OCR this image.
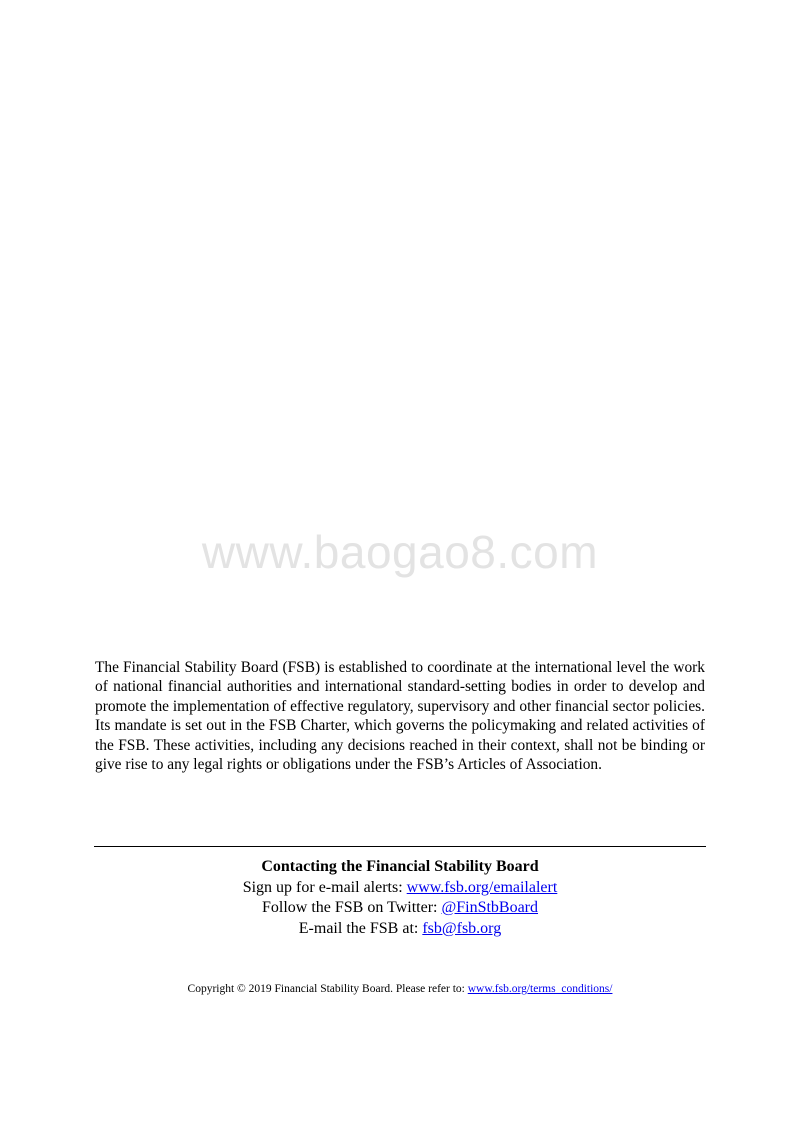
www.baogao8.com

The Financial Stability Board (FSB) is established to coordinate at the international level the work of national financial authorities and international standard-setting bodies in order to develop and promote the implementation of effective regulatory, supervisory and other financial sector policies. Its mandate is set out in the FSB Charter, which governs the policymaking and related activities of the FSB. These activities, including any decisions reached in their context, shall not be binding or give rise to any legal rights or obligations under the FSB’s Articles of Association.

Contacting the Financial Stability Board
Sign up for e-mail alerts: www.fsb.org/emailalert
Follow the FSB on Twitter: @FinStbBoard
E-mail the FSB at: fsb@fsb.org
Copyright © 2019 Financial Stability Board. Please refer to: www.fsb.org/terms_conditions/
